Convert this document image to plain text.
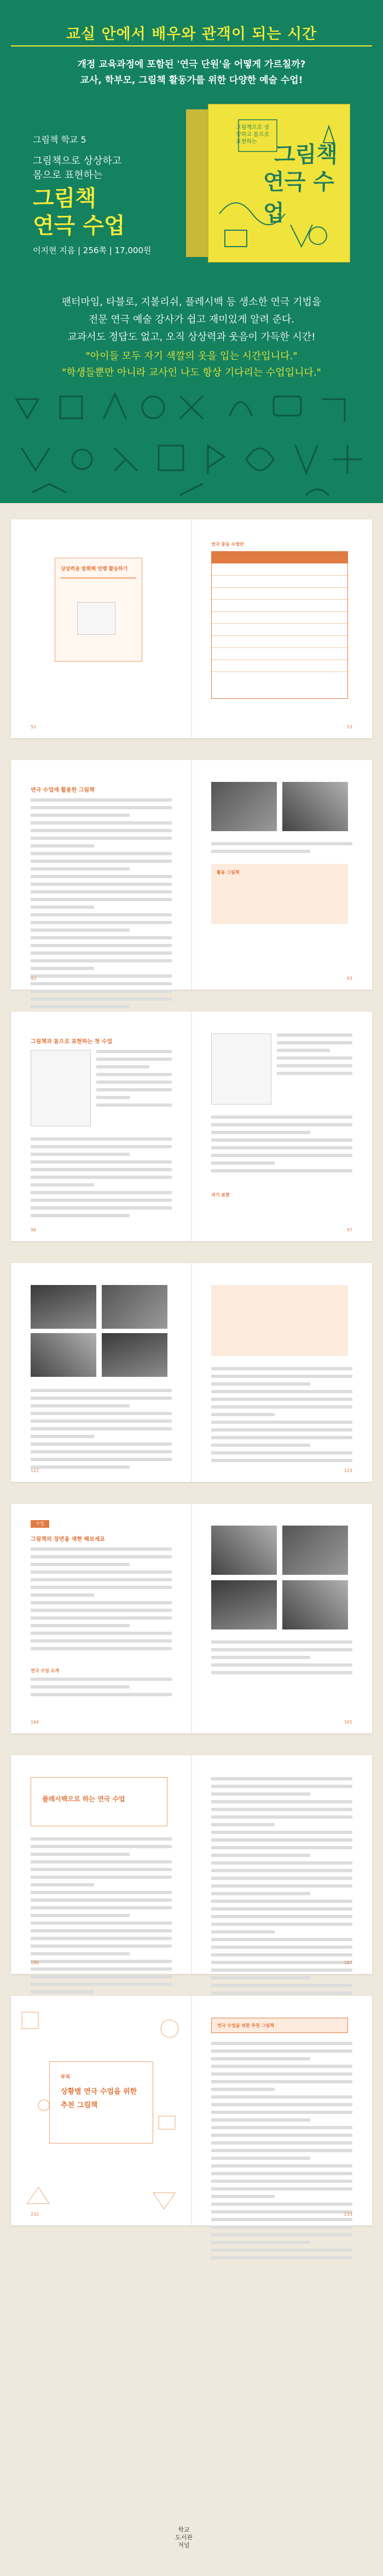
교실 안에서 배우와 관객이 되는 시간
개정 교육과정에 포함된 '연극 단원'을 어떻게 가르칠까?
교사, 학부모, 그림책 활동가를 위한 다양한 예술 수업!
그림책 학교 5
그림책으로 상상하고
몸으로 표현하는
그림책
연극 수업
이지현 지음 | 256쪽 | 17,000원
그림책으로 상상하고 몸으로 표현하는
그림책
연극 수업
팬터마임, 타블로, 지볼리쉬, 플레시백 등 생소한 연극 기법을
전문 연극 예술 강사가 쉽고 재미있게 알려 준다.
교과서도 정답도 없고, 오직 상상력과 웃음이 가득한 시간!
"아이들 모두 자기 색깔의 옷을 입는 시간입니다."
"학생들뿐만 아니라 교사인 나도 항상 기다리는 수업입니다."
상상력을 발휘해 연행 활동하기
52
연극 중등 수업안
53
연극 수업에 활용한 그림책
92
활용 그림책
93
그림책과 몸으로 표현하는 첫 수업
96
자기 표현
97
122	123
수업
그림책의 장면을 재현 해보세요
연극 수업 소개
164	165
플레시백으로 하는 연극 수업
186	187
부록
상황별 연극 수업을 위한
추천 그림책
232
연극 수업을 위한 추천 그림책
233
학교
도서관
저널
